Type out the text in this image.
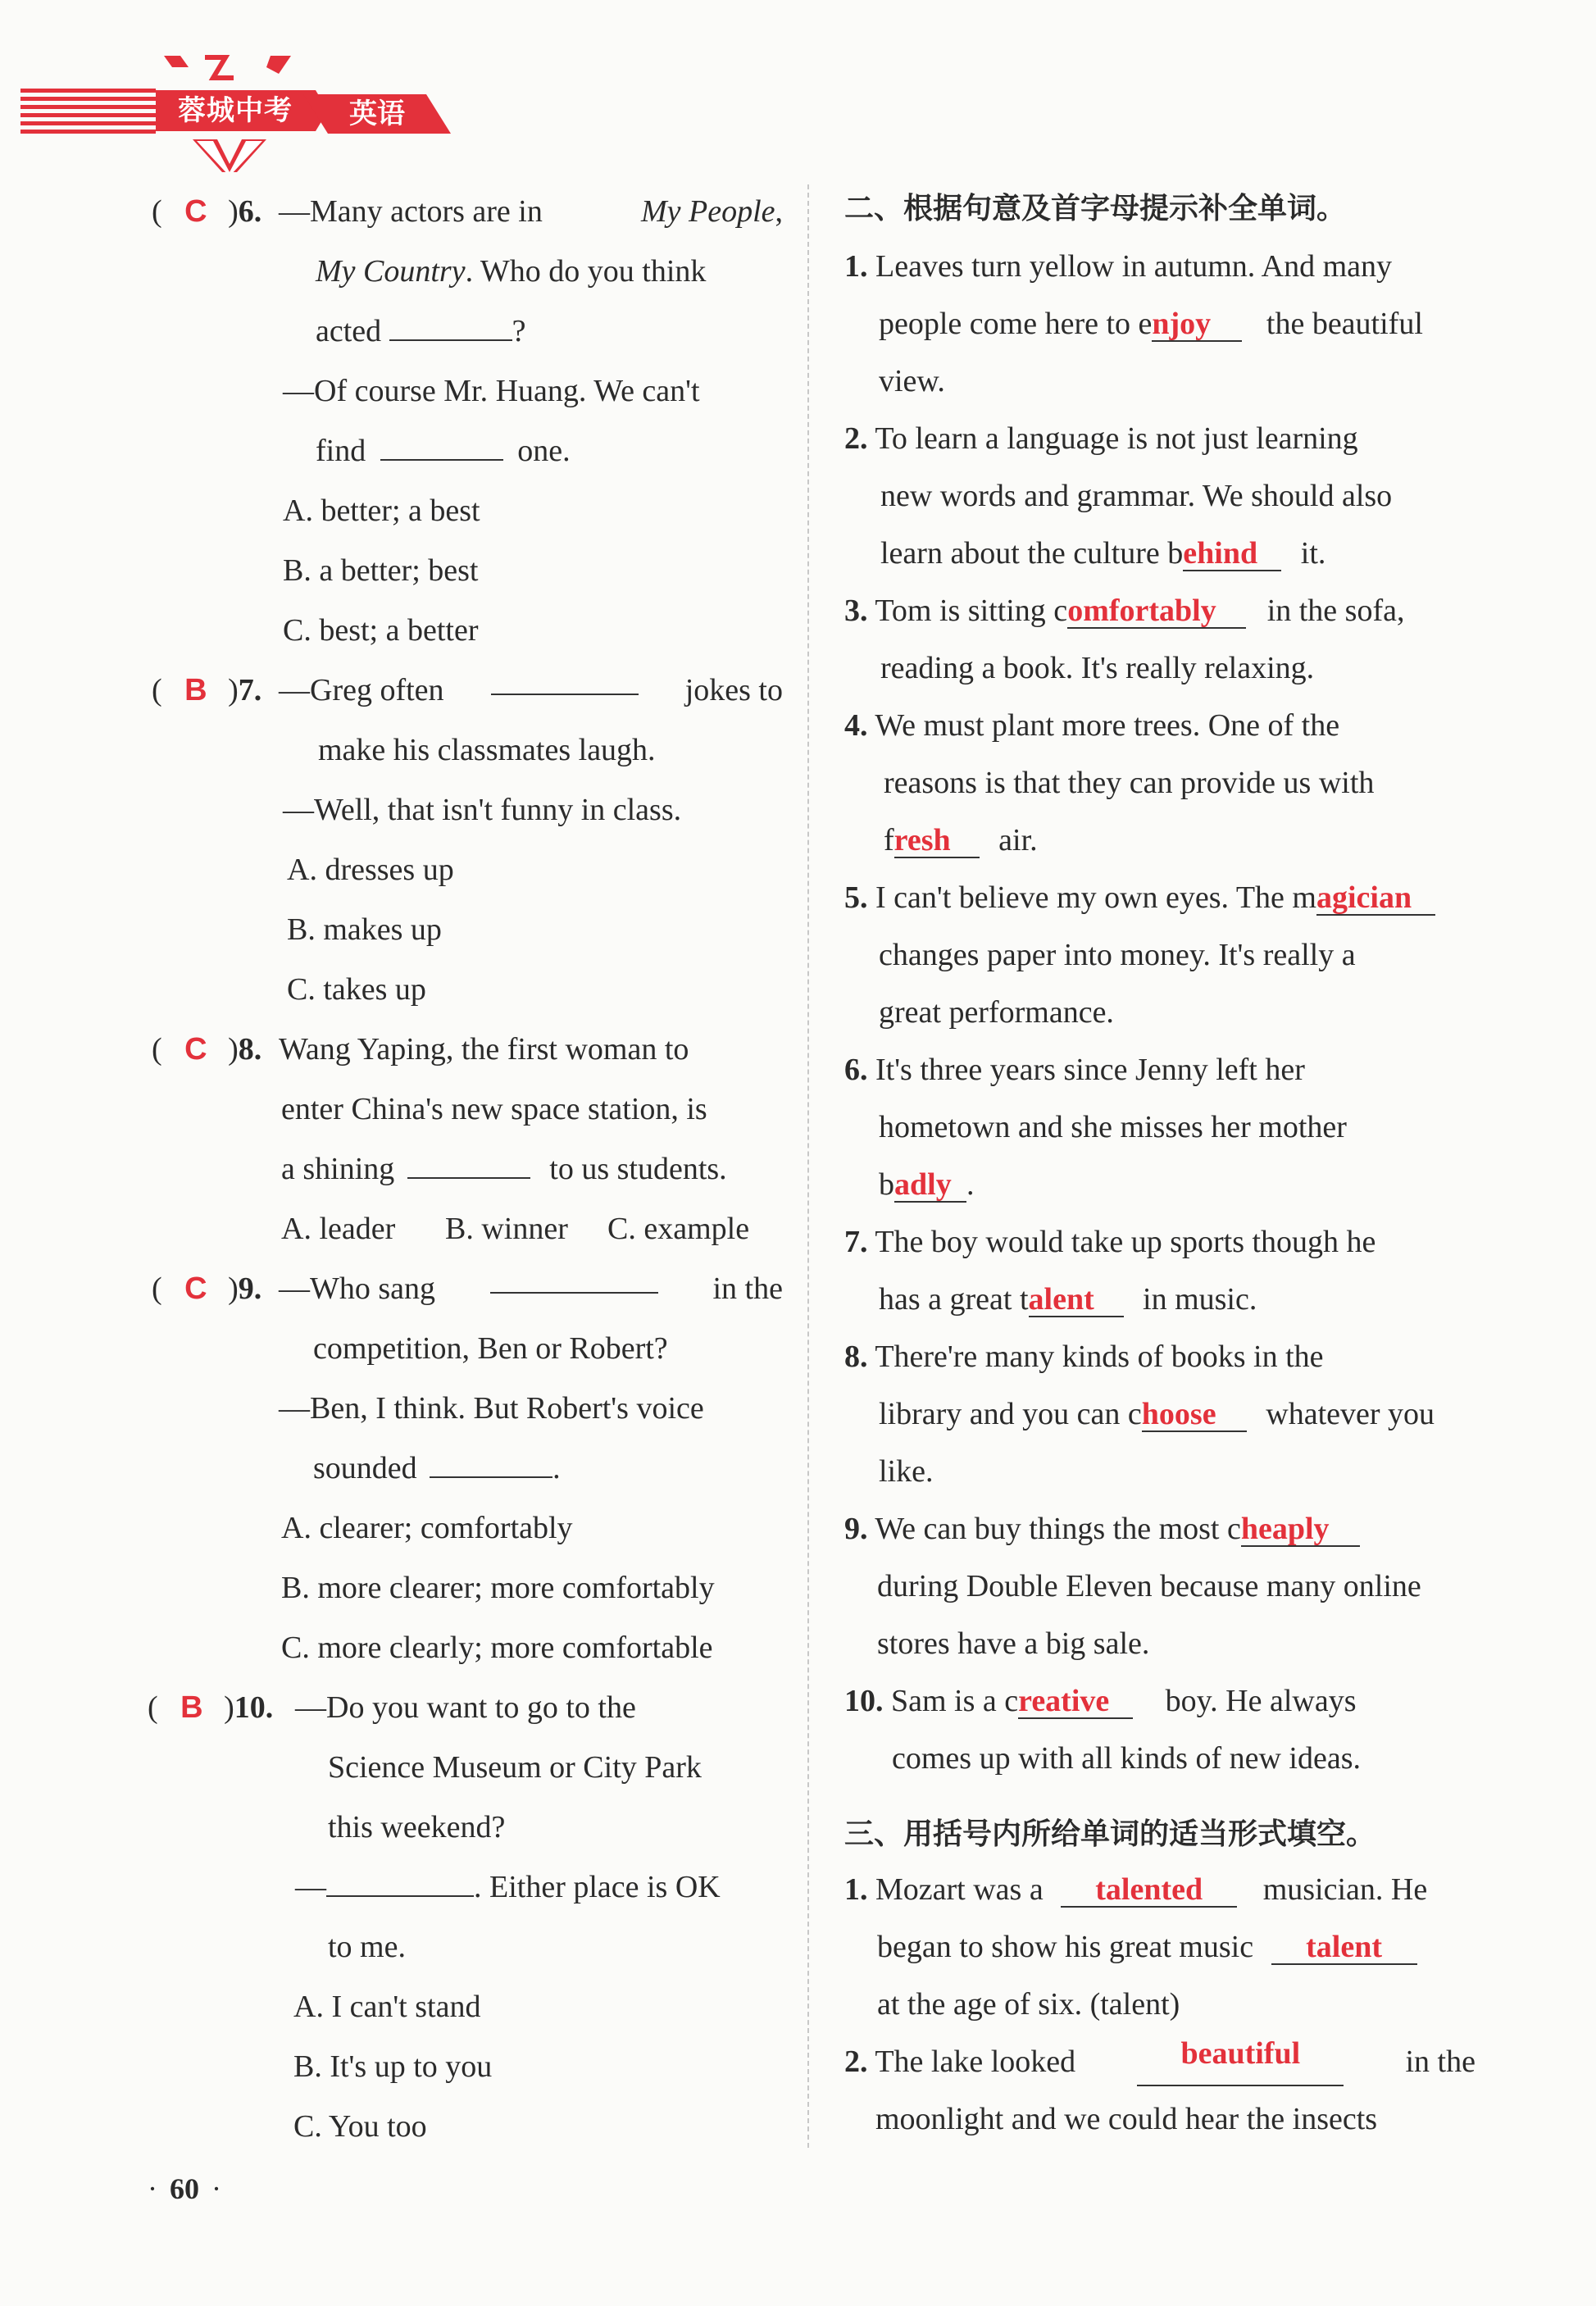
蓉城中考	英语
( C )6. —Many actors are in	My People,
My Country. Who do you think
acted	?
—Of course Mr. Huang. We can't
find	one.
A. better; a best
B. a better; best
C. best; a better
( B )7. —Greg often	jokes to
make his classmates laugh.
—Well, that isn't funny in class.
A. dresses up
B. makes up
C. takes up
( C )8. Wang Yaping, the first woman to
enter China's new space station, is
a shining	to us students.
A. leader	B. winner	C. example
( C )9. —Who sang	in the
competition, Ben or Robert?
—Ben, I think. But Robert's voice
sounded	.
A. clearer; comfortably
B. more clearer; more comfortably
C. more clearly; more comfortable
( B )10. —Do you want to go to the
Science Museum or City Park
this weekend?
—	. Either place is OK
to me.
A. I can't stand
B. It's up to you
C. You too
二、根据句意及首字母提示补全单词。
1. Leaves turn yellow in autumn. And many
people come here to enjoy the beautiful
view.
2. To learn a language is not just learning
new words and grammar. We should also
learn about the culture behind it.
3. Tom is sitting comfortably in the sofa,
reading a book. It's really relaxing.
4. We must plant more trees. One of the
reasons is that they can provide us with
fresh air.
5. I can't believe my own eyes. The magician
changes paper into money. It's really a
great performance.
6. It's three years since Jenny left her
hometown and she misses her mother
badly .
7. The boy would take up sports though he
has a great talent in music.
8. There're many kinds of books in the
library and you can choose whatever you
like.
9. We can buy things the most cheaply
during Double Eleven because many online
stores have a big sale.
10. Sam is a creative boy. He always
comes up with all kinds of new ideas.
三、用括号内所给单词的适当形式填空。
1. Mozart was a talented musician. He
began to show his great music talent
at the age of six. (talent)
2. The lake looked	beautiful	in the
moonlight and we could hear the insects
· 60 ·
